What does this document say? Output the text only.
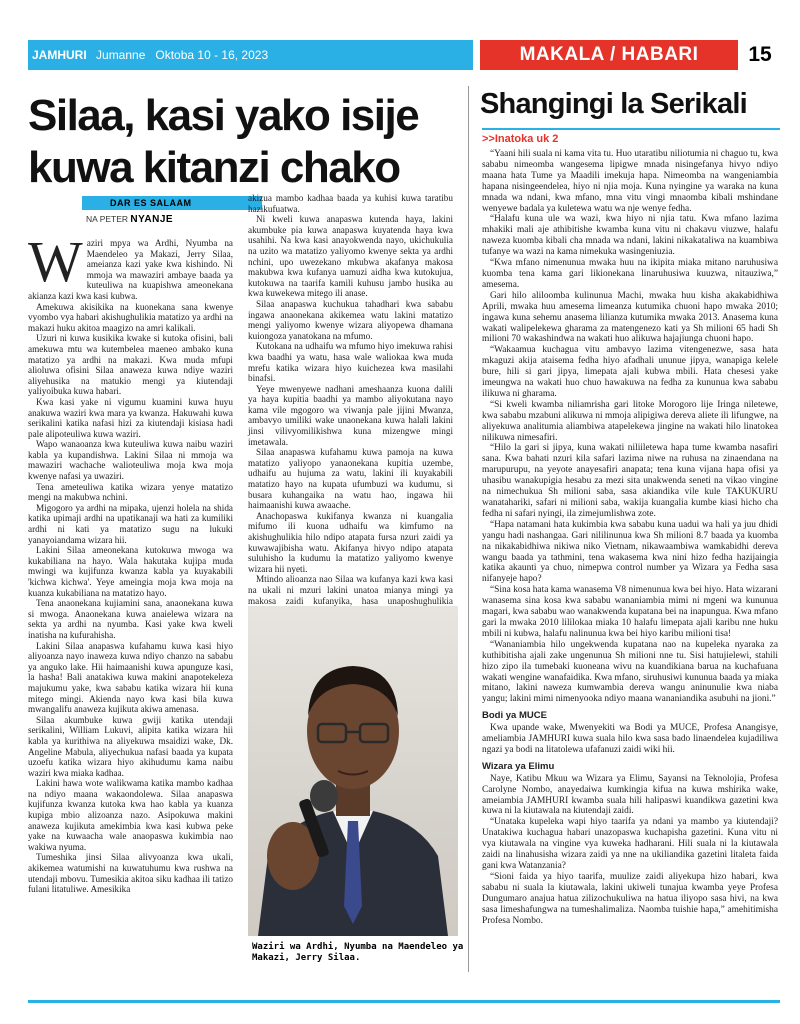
JAMHURI Jumanne   Oktoba 10 - 16, 2023	MAKALA / HABARI	15
Silaa, kasi yako isije
kuwa kitanzi chako
DAR ES SALAAM
NA PETER NYANJE

Waziri mpya wa Ardhi, Nyumba na Maendeleo ya Makazi, Jerry Silaa, ameianza kazi yake kwa kishindo. Ni mmoja wa mawaziri ambaye baada ya kuteuliwa na kuapishwa ameonekana akianza kazi kwa kasi kubwa.

Amekuwa akisikika na kuonekana sana kwenye vyombo vya habari akishughulikia matatizo ya ardhi na makazi huku akitoa maagizo na amri kalikali.

Uzuri ni kuwa kusikika kwake si kutoka ofisini, bali amekuwa mtu wa kutembelea maeneo ambako kuna matatizo ya ardhi na makazi. Kwa muda mfupi alioluwa ofisini Silaa anaweza kuwa ndiye waziri aliyehusika na matukio mengi ya kiutendaji yaliyoibuka kuwa habari.

Kwa kasi yake ni vigumu kuamini kuwa huyu anakuwa waziri kwa mara ya kwanza. Hakuwahi kuwa serikalini katika nafasi hizi za kiutendaji kisiasa hadi pale alipoteuliwa kuwa waziri.

Wapo wanaoanza kwa kuteuliwa kuwa naibu waziri kabla ya kupandishwa. Lakini Silaa ni mmoja wa mawaziri wachache walioteuliwa moja kwa moja kwenye nafasi ya uwaziri.

Tena ameteuliwa katika wizara yenye matatizo mengi na makubwa nchini.

Migogoro ya ardhi na mipaka, ujenzi holela na shida katika upimaji ardhi na upatikanaji wa hati za kumiliki ardhi ni kati ya matatizo sugu na lukuki yanayoiandama wizara hii.

Lakini Silaa ameonekana kutokuwa mwoga wa kukabiliana na hayo. Wala hakutaka kujipa muda mwingi wa kujifunza kwanza kabla ya kuyakabili 'kichwa kichwa'. Yeye ameingia moja kwa moja na kuanza kukabiliana na matatizo hayo.

Tena anaonekana kujiamini sana, anaonekana kuwa si mwoga. Anaonekana kuwa anaielewa wizara na sekta ya ardhi na nyumba. Kasi yake kwa kweli inatisha na kufurahisha.

Lakini Silaa anapaswa kufahamu kuwa kasi hiyo aliyoanza nayo inaweza kuwa ndiyo chanzo na sababu ya anguko lake. Hii haimaanishi kuwa apunguze kasi, la hasha! Bali anatakiwa kuwa makini anapotekeleza majukumu yake, kwa sababu katika wizara hii kuna mitego mingi. Akienda nayo kwa kasi bila kuwa mwangalifu anaweza kujikuta akiwa amenasa.

Silaa akumbuke kuwa gwiji katika utendaji serikalini, William Lukuvi, alipita katika wizara hii kabla ya kurithiwa na aliyekuwa msaidizi wake, Dk. Angeline Mabula, aliyechukua nafasi baada ya kupata uzoefu katika wizara hiyo akihudumu kama naibu waziri kwa miaka kadhaa.

Lakini hawa wote walikwama katika mambo kadhaa na ndiyo maana wakaondolewa. Silaa anapaswa kujifunza kwanza kutoka kwa hao kabla ya kuanza kupiga mbio alizoanza nazo. Asipokuwa makini anaweza kujikuta amekimbia kwa kasi kubwa peke yake na kuwaacha wale anaopaswa kukimbia nao wakiwa nyuma.

Tumeshika jinsi Silaa alivyoanza kwa ukali, akikemea watumishi na kuwatuhumu kwa rushwa na utendaji mbovu. Tumesikia akitoa siku kadhaa ili tatizo fulani litatuliwe. Amesikika

akizua mambo kadhaa baada ya kuhisi kuwa taratibu hazikufuatwa.

Ni kweli kuwa anapaswa kutenda haya, lakini akumbuke pia kuwa anapaswa kuyatenda haya kwa usahihi. Na kwa kasi anayokwenda nayo, ukichukulia na uzito wa matatizo yaliyomo kwenye sekta ya ardhi nchini, upo uwezekano mkubwa akafanya makosa makubwa kwa kufanya uamuzi aidha kwa kutokujua, kutokuwa na taarifa kamili kuhusu jambo husika au kwa kuwekewa mitego ili anase.

Silaa anapaswa kuchukua tahadhari kwa sababu ingawa anaonekana akikemea watu lakini matatizo mengi yaliyomo kwenye wizara aliyopewa dhamana kuiongoza yanatokana na mfumo.

Kutokana na udhaifu wa mfumo hiyo imekuwa rahisi kwa baadhi ya watu, hasa wale waliokaa kwa muda mrefu katika wizara hiyo kuichezea kwa masilahi binafsi.

Yeye mwenyewe nadhani ameshaanza kuona dalili ya haya kupitia baadhi ya mambo aliyokutana nayo kama vile mgogoro wa viwanja pale jijini Mwanza, ambavyo umiliki wake unaonekana kuwa halali lakini jinsi vilivyomilikishwa kuna mizengwe mingi imetawala.

Silaa anapaswa kufahamu kuwa pamoja na kuwa matatizo yaliyopo yanaonekana kupitia uzembe, udhaifu au hujuma za watu, lakini ili kuyakabili matatizo hayo na kupata ufumbuzi wa kudumu, si busara kuhangaika na watu hao, ingawa hii haimaanishi kuwa awaache.

Anachopaswa kukifanya kwanza ni kuangalia mifumo ili kuona udhaifu wa kimfumo na akishughulikia hilo ndipo atapata fursa nzuri zaidi ya kuwawajibisha watu. Akifanya hivyo ndipo atapata suluhisho la kudumu la matatizo yaliyomo kwenye wizara hii nyeti.

Mtindo alioanza nao Silaa wa kufanya kazi kwa kasi na ukali ni mzuri lakini unatoa mianya mingi ya makosa zaidi kufanyika, hasa unaposhughulikia

Waziri wa Ardhi, Nyumba na Maendeleo ya Makazi, Jerry Silaa.
Shangingi la Serikali
>>Inatoka uk 2

“Yaani hili suala ni kama vita tu. Huo utaratibu niliotumia ni chaguo tu, kwa sababu nimeomba wangesema lipigwe mnada nisingefanya hivyo ndiyo maana hata Tume ya Maadili imekuja hapa. Nimeomba na wangeniambia hapana nisingeendelea, hiyo ni njia moja. Kuna nyingine ya waraka na kuna mnada wa ndani, kwa mfano, mna vitu vingi mnaomba kibali mshindane wenyewe badala ya kuletewa watu wa nje wenye fedha.

“Halafu kuna ule wa wazi, kwa hiyo ni njia tatu. Kwa mfano lazima mhakiki mali aje athibitishe kwamba kuna vitu ni chakavu viuzwe, halafu naweza kuomba kibali cha mnada wa ndani, lakini nikakataliwa na kuambiwa tufanye wa wazi na kama nimekuka wasingeniuzia.

“Kwa mfano nimenunua mwaka huu na ikipita miaka mitano naruhusiwa kuomba tena kama gari likionekana linaruhusiwa kuuzwa, nitauziwa,” amesema.

Gari hilo aliloomba kulinunua Machi, mwaka huu kisha akakabidhiwa Aprili, mwaka huu amesema limeanza kutumika chuoni hapo mwaka 2010; ingawa kuna sehemu anasema lilianza kutumika mwaka 2013. Anasema kuna wakati walipelekewa gharama za matengenezo kati ya Sh milioni 65 hadi Sh milioni 70 wakashindwa na wakati huo alikuwa hajajiunga chuoni hapo.

“Wakaamua kuchagua vitu ambavyo lazima vitengenezwe, sasa hata mkaguzi akija ataisema fedha hiyo afadhali ununue jipya, wanapiga kelele bure, hili si gari jipya, limepata ajali kubwa mbili. Hata chesesi yake imeungwa na wakati huo chuo hawakuwa na fedha za kununua kwa sababu ilikuwa ni gharama.

“Si kweli kwamba niliamrisha gari litoke Morogoro lije Iringa niletewe, kwa sababu mzabuni alikuwa ni mmoja alipigiwa dereva aliete ili lifungwe, na aliyekuwa analitumia aliambiwa atapelekewa jingine na wakati hilo linatokea nilikuwa nimesafiri.

“Hilo la gari si jipya, kuna wakati niliiletewa hapa tume kwamba nasafiri sana. Kwa bahati nzuri kila safari lazima niwe na ruhusa na zinaendana na marupurupu, na yeyote anayesafiri anapata; tena kuna vijana hapa ofisi ya uhasibu wanakupigia hesabu za mezi sita unakwenda seneti na vikao vingine na nimechukua Sh milioni saba, sasa akiandika vile kule TAKUKURU wanatahariki, safari ni milioni saba, wakija kuangalia kumbe kiasi hicho cha fedha ni safari nyingi, ila zimejumlishwa zote.

“Hapa natamani hata kukimbia kwa sababu kuna uadui wa hali ya juu dhidi yangu hadi nashangaa. Gari nililinunua kwa Sh milioni 8.7 baada ya kuomba na nikakabidhiwa nikiwa niko Vietnam, nikawaambiwa wamkabidhi dereva wangu baada ya tathmini, tena wakasema kwa nini hizo fedha hazijaingia katika akaunti ya chuo, nimepwa control number ya Wizara ya Fedha sasa nifanyeje hapo?

“Sina kosa hata kama wanasema V8 nimenunua kwa bei hiyo. Hata wizarani wanasema sina kosa kwa sababu wananiambia mimi ni mgeni wa kununua magari, kwa sababu wao wanakwenda kupatana bei na inapungua. Kwa mfano gari la mwaka 2010 lililokaa miaka 10 halafu limepata ajali karibu nne huku mbili ni kubwa, halafu nalinunua kwa bei hiyo karibu milioni tisa!

“Wananiambia hilo ungekwenda kupatana nao na kupeleka nyaraka za kuthibitisha ajali zake ungenunua Sh milioni nne tu. Sisi hatujielewi, stahili hizo zipo ila tumebaki kuoneana wivu na kuandikiana barua na kuchafuana wakati wengine wanafaidika. Kwa mfano, siruhusiwi kununua baada ya miaka mitano, lakini naweza kumwambia dereva wangu aninunulie kwa niaba yangu; lakini mimi nimenyooka ndiyo maana wananiandika asubuhi na jioni.”

Bodi ya MUCE

Kwa upande wake, Mwenyekiti wa Bodi ya MUCE, Profesa Anangisye, ameliambia JAMHURI kuwa suala hilo kwa sasa bado linaendelea kujadiliwa ngazi ya bodi na litatolewa ufafanuzi zaidi wiki hii.

Wizara ya Elimu

Naye, Katibu Mkuu wa Wizara ya Elimu, Sayansi na Teknolojia, Profesa Carolyne Nombo, anayedaiwa kumkingia kifua na kuwa mshirika wake, ameiambia JAMHURI kwamba suala hili halipaswi kuandikwa gazetini kwa kuwa ni la kiutawala na kiutendaji zaidi.

“Unataka kupeleka wapi hiyo taarifa ya ndani ya mambo ya kiutendaji? Unatakiwa kuchagua habari unazopaswa kuchapisha gazetini. Kuna vitu ni vya kiutawala na vingine vya kuweka hadharani. Hili suala ni la kiutawala zaidi na linahusisha wizara zaidi ya nne na ukiliandika gazetini litaleta faida gani kwa Watanzania?

“Sioni faida ya hiyo taarifa, muulize zaidi aliyekupa hizo habari, kwa sababu ni suala la kiutawala, lakini ukiweli tunajua kwamba yeye Profesa Dungumaro anajua hatua zilizochukuliwa na hatua iliyopo sasa hivi, na kwa sasa limeshafungwa na tumeshalimaliza. Naomba tuishie hapa,” amehitimisha Profesa Nombo.
